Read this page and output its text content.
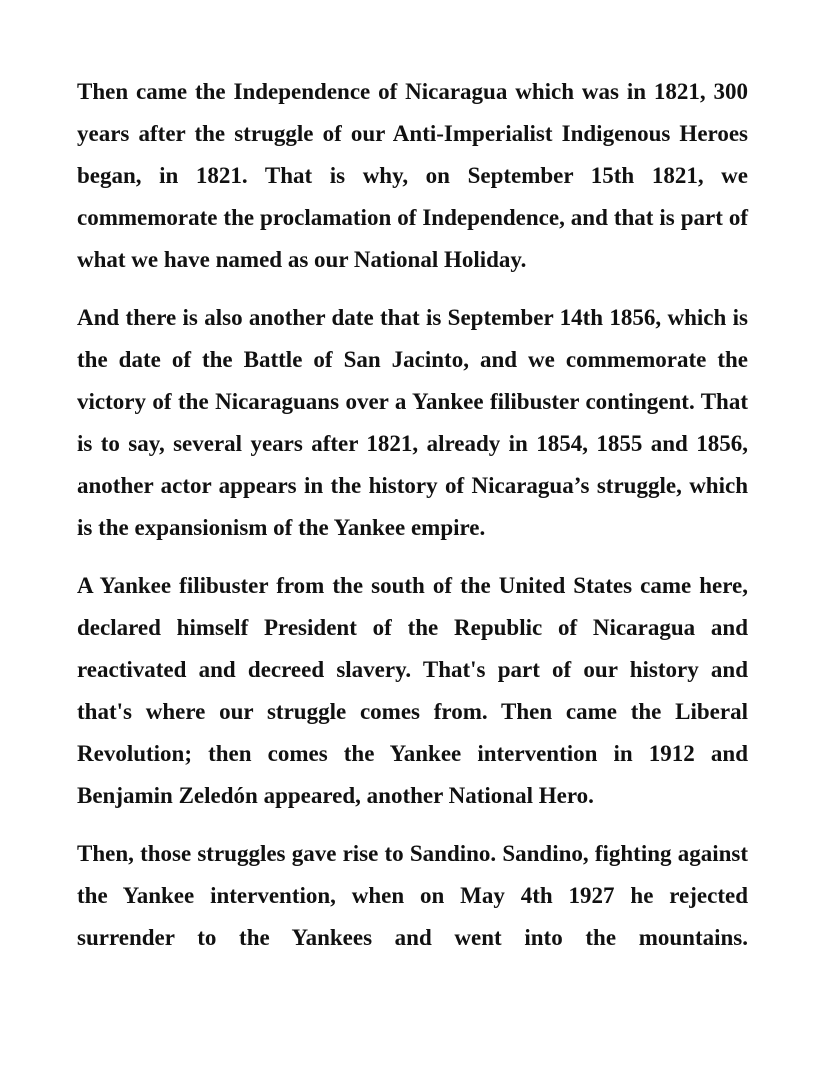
Then came the Independence of Nicaragua which was in 1821, 300 years after the struggle of our Anti-Imperialist Indigenous Heroes began, in 1821. That is why, on September 15th 1821, we commemorate the proclamation of Independence, and that is part of what we have named as our National Holiday.

And there is also another date that is September 14th 1856, which is the date of the Battle of San Jacinto, and we commemorate the victory of the Nicaraguans over a Yankee filibuster contingent. That is to say, several years after 1821, already in 1854, 1855 and 1856, another actor appears in the history of Nicaragua’s struggle, which is the expansionism of the Yankee empire.

A Yankee filibuster from the south of the United States came here, declared himself President of the Republic of Nicaragua and reactivated and decreed slavery. That's part of our history and that's where our struggle comes from. Then came the Liberal Revolution; then comes the Yankee intervention in 1912 and Benjamin Zeledón appeared, another National Hero.

Then, those struggles gave rise to Sandino. Sandino, fighting against the Yankee intervention, when on May 4th 1927 he rejected surrender to the Yankees and went into the mountains.
